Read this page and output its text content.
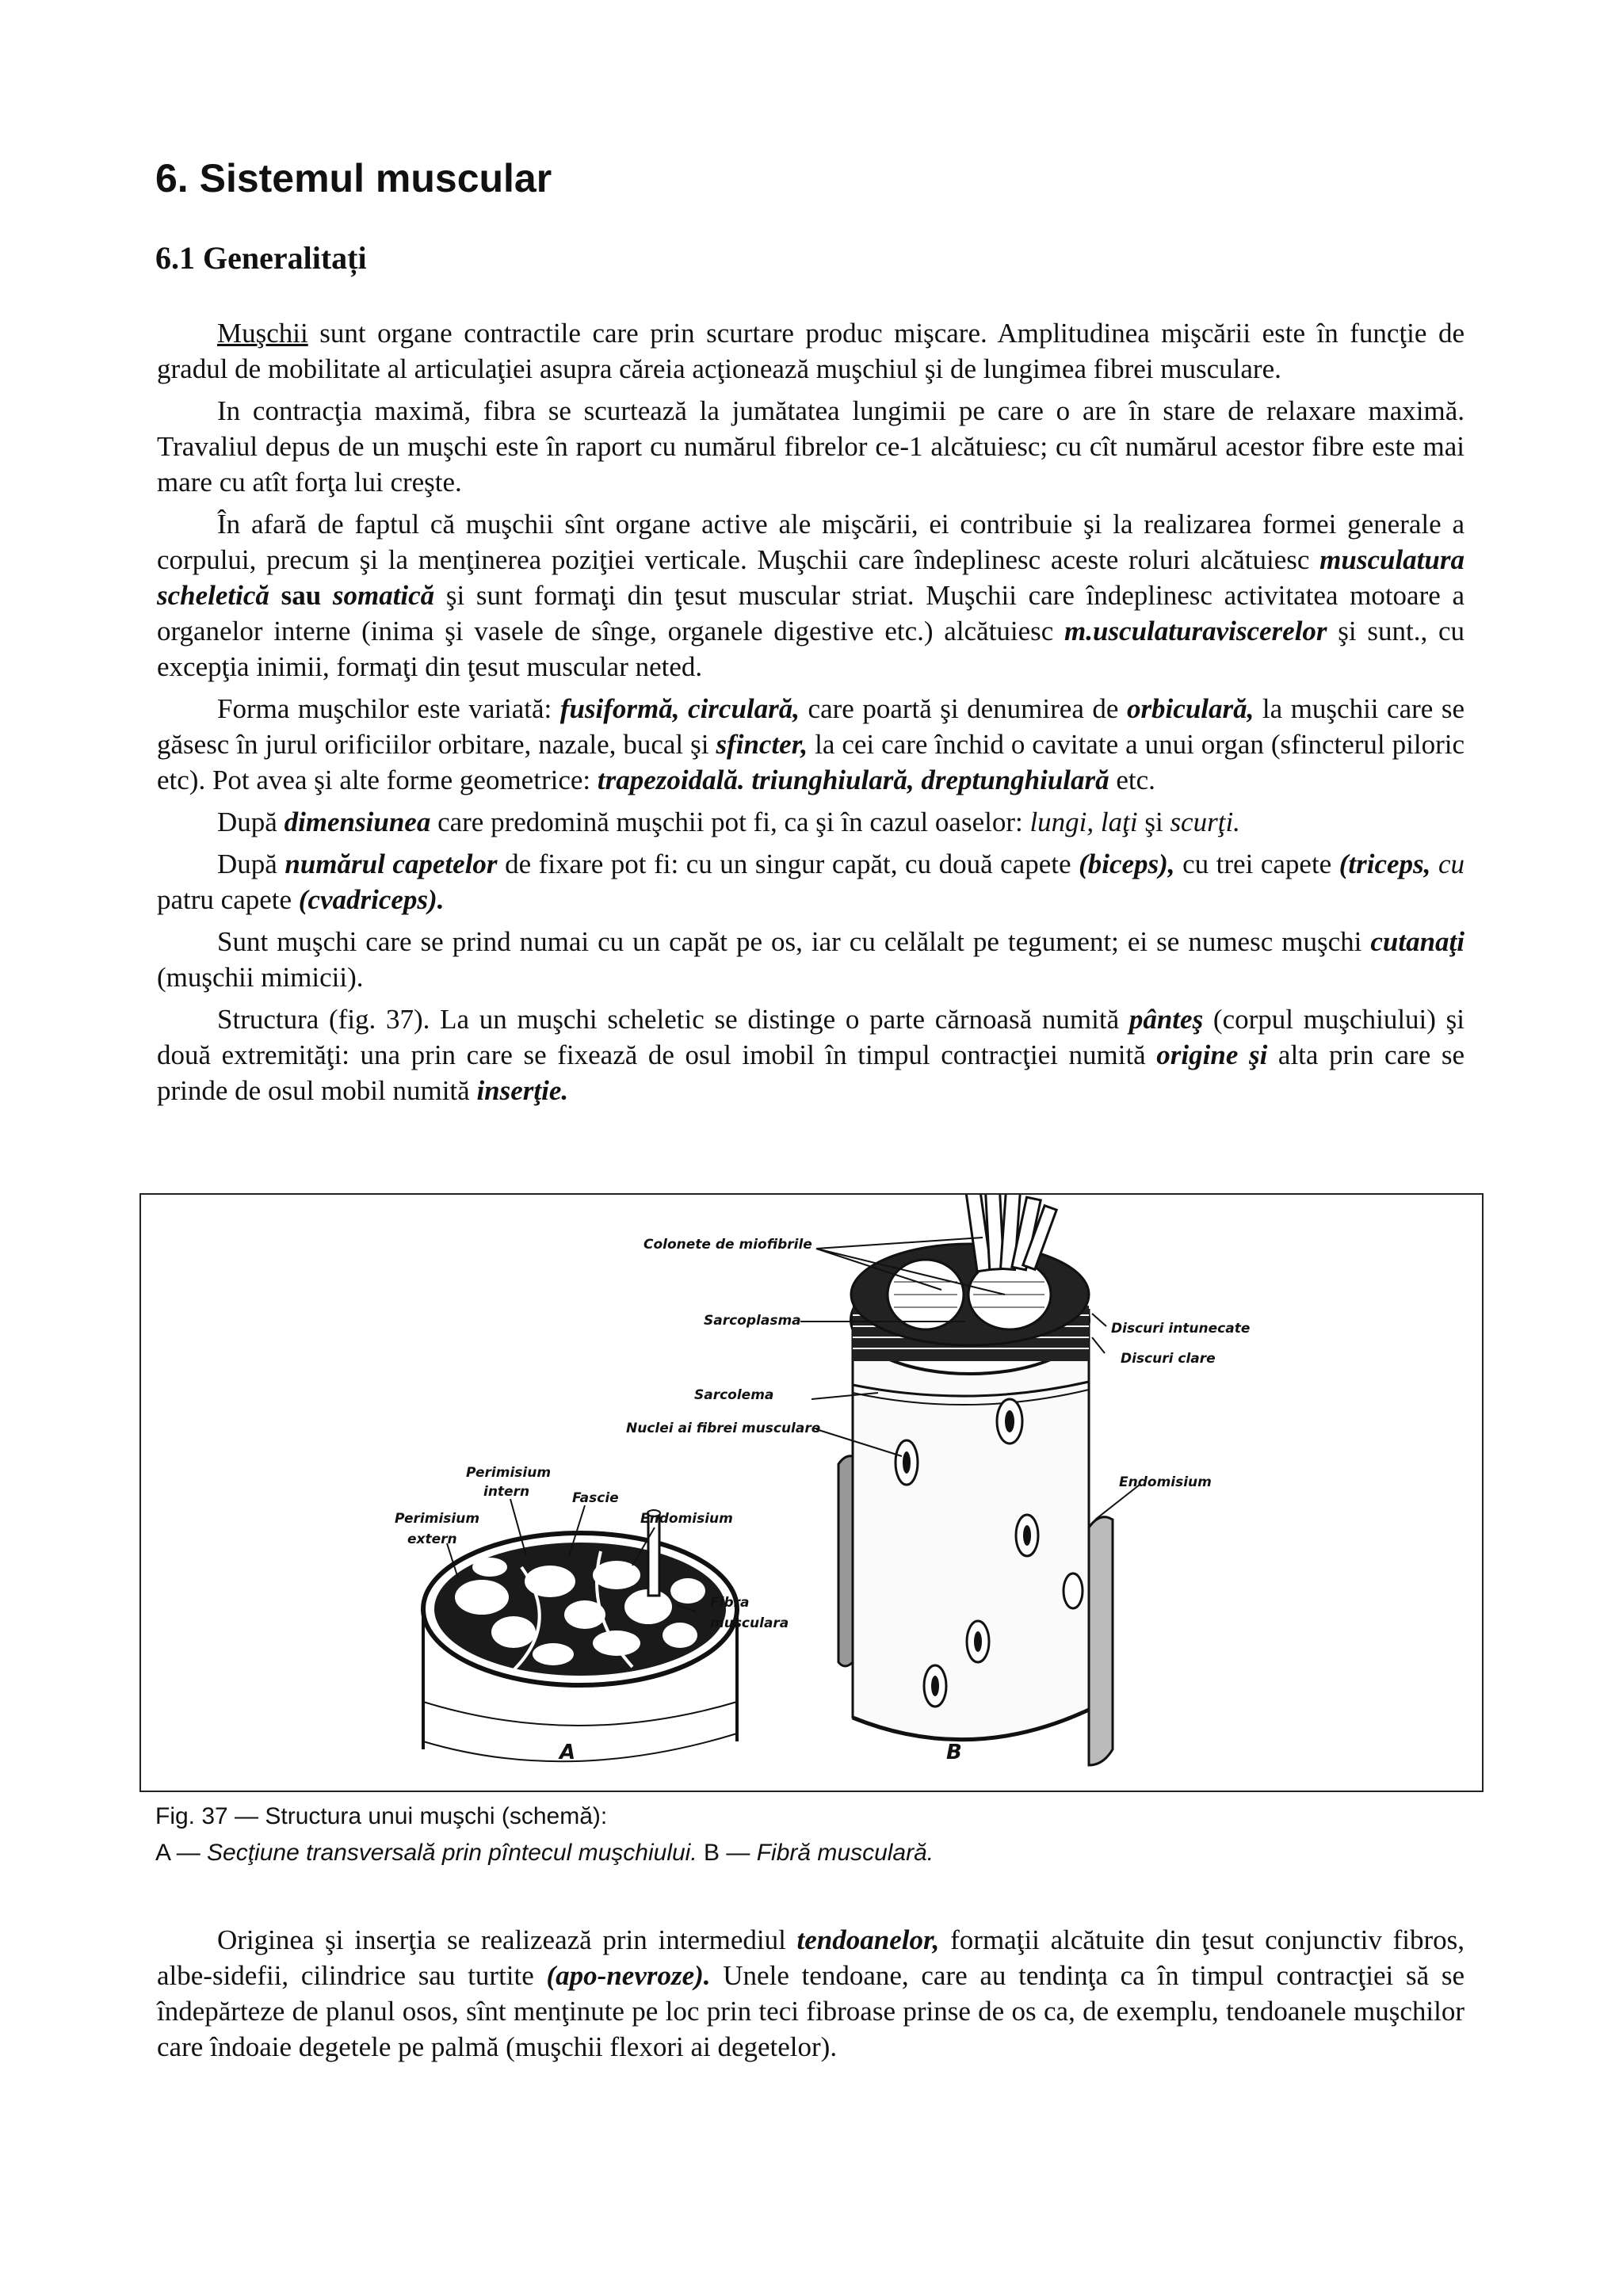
6. Sistemul muscular
6.1 Generalitați

Muşchii sunt organe contractile care prin scurtare produc mişcare. Amplitudinea mişcării este în funcţie de gradul de mobilitate al articulaţiei asupra căreia acţionează muşchiul şi de lungimea fibrei musculare.

In contracţia maximă, fibra se scurtează la jumătatea lungimii pe care o are în stare de relaxare maximă. Travaliul depus de un muşchi este în raport cu numărul fibrelor ce-1 alcătuiesc; cu cît numărul acestor fibre este mai mare cu atît forţa lui creşte.

În afară de faptul că muşchii sînt organe active ale mişcării, ei contribuie şi la realizarea formei generale a corpului, precum şi la menţinerea poziţiei verticale. Muşchii care îndeplinesc aceste roluri alcătuiesc musculatura scheletică sau somatică şi sunt formaţi din ţesut muscular striat. Muşchii care îndeplinesc activitatea motoare a organelor interne (inima şi vasele de sînge, organele digestive etc.) alcătuiesc m.usculaturaviscerelor şi sunt., cu excepţia inimii, formaţi din ţesut muscular neted.

Forma muşchilor este variată: fusiformă, circulară, care poartă şi denumirea de orbiculară, la muşchii care se găsesc în jurul orificiilor orbitare, nazale, bucal şi sfincter, la cei care închid o cavitate a unui organ (sfincterul piloric etc). Pot avea şi alte forme geometrice: trapezoidală. triunghiulară, dreptunghiulară etc.

După dimensiunea care predomină muşchii pot fi, ca şi în cazul oaselor: lungi, laţi şi scurţi.

După numărul capetelor de fixare pot fi: cu un singur capăt, cu două capete (biceps), cu trei capete (triceps, cu patru capete (cvadriceps).

Sunt muşchi care se prind numai cu un capăt pe os, iar cu celălalt pe tegument; ei se numesc muşchi cutanaţi (muşchii mimicii).

Structura (fig. 37). La un muşchi scheletic se distinge o parte cărnoasă numită pânteş (corpul muşchiului) şi două extremităţi: una prin care se fixează de osul imobil în timpul contracţiei numită origine şi alta prin care se prinde de osul mobil numită inserţie.

Colonete de miofibrile
Sarcoplasma
Sarcolema
Nuclei ai fibrei musculare
Discuri intunecate
Discuri clare
Endomisium
Perimisium
intern	Fascie
Perimisium
extern
Endomisium
Fibra
musculara
A	B
Fig. 37 — Structura unui muşchi (schemă):
A — Secţiune transversală prin pîntecul muşchiului. B — Fibră musculară.

Originea şi inserţia se realizează prin intermediul tendoanelor, formaţii alcătuite din ţesut conjunctiv fibros, albe-sidefii, cilindrice sau turtite (apo-nevroze). Unele tendoane, care au tendinţa ca în timpul contracţiei să se îndepărteze de planul osos, sînt menţinute pe loc prin teci fibroase prinse de os ca, de exemplu, tendoanele muşchilor care îndoaie degetele pe palmă (muşchii flexori ai degetelor).
